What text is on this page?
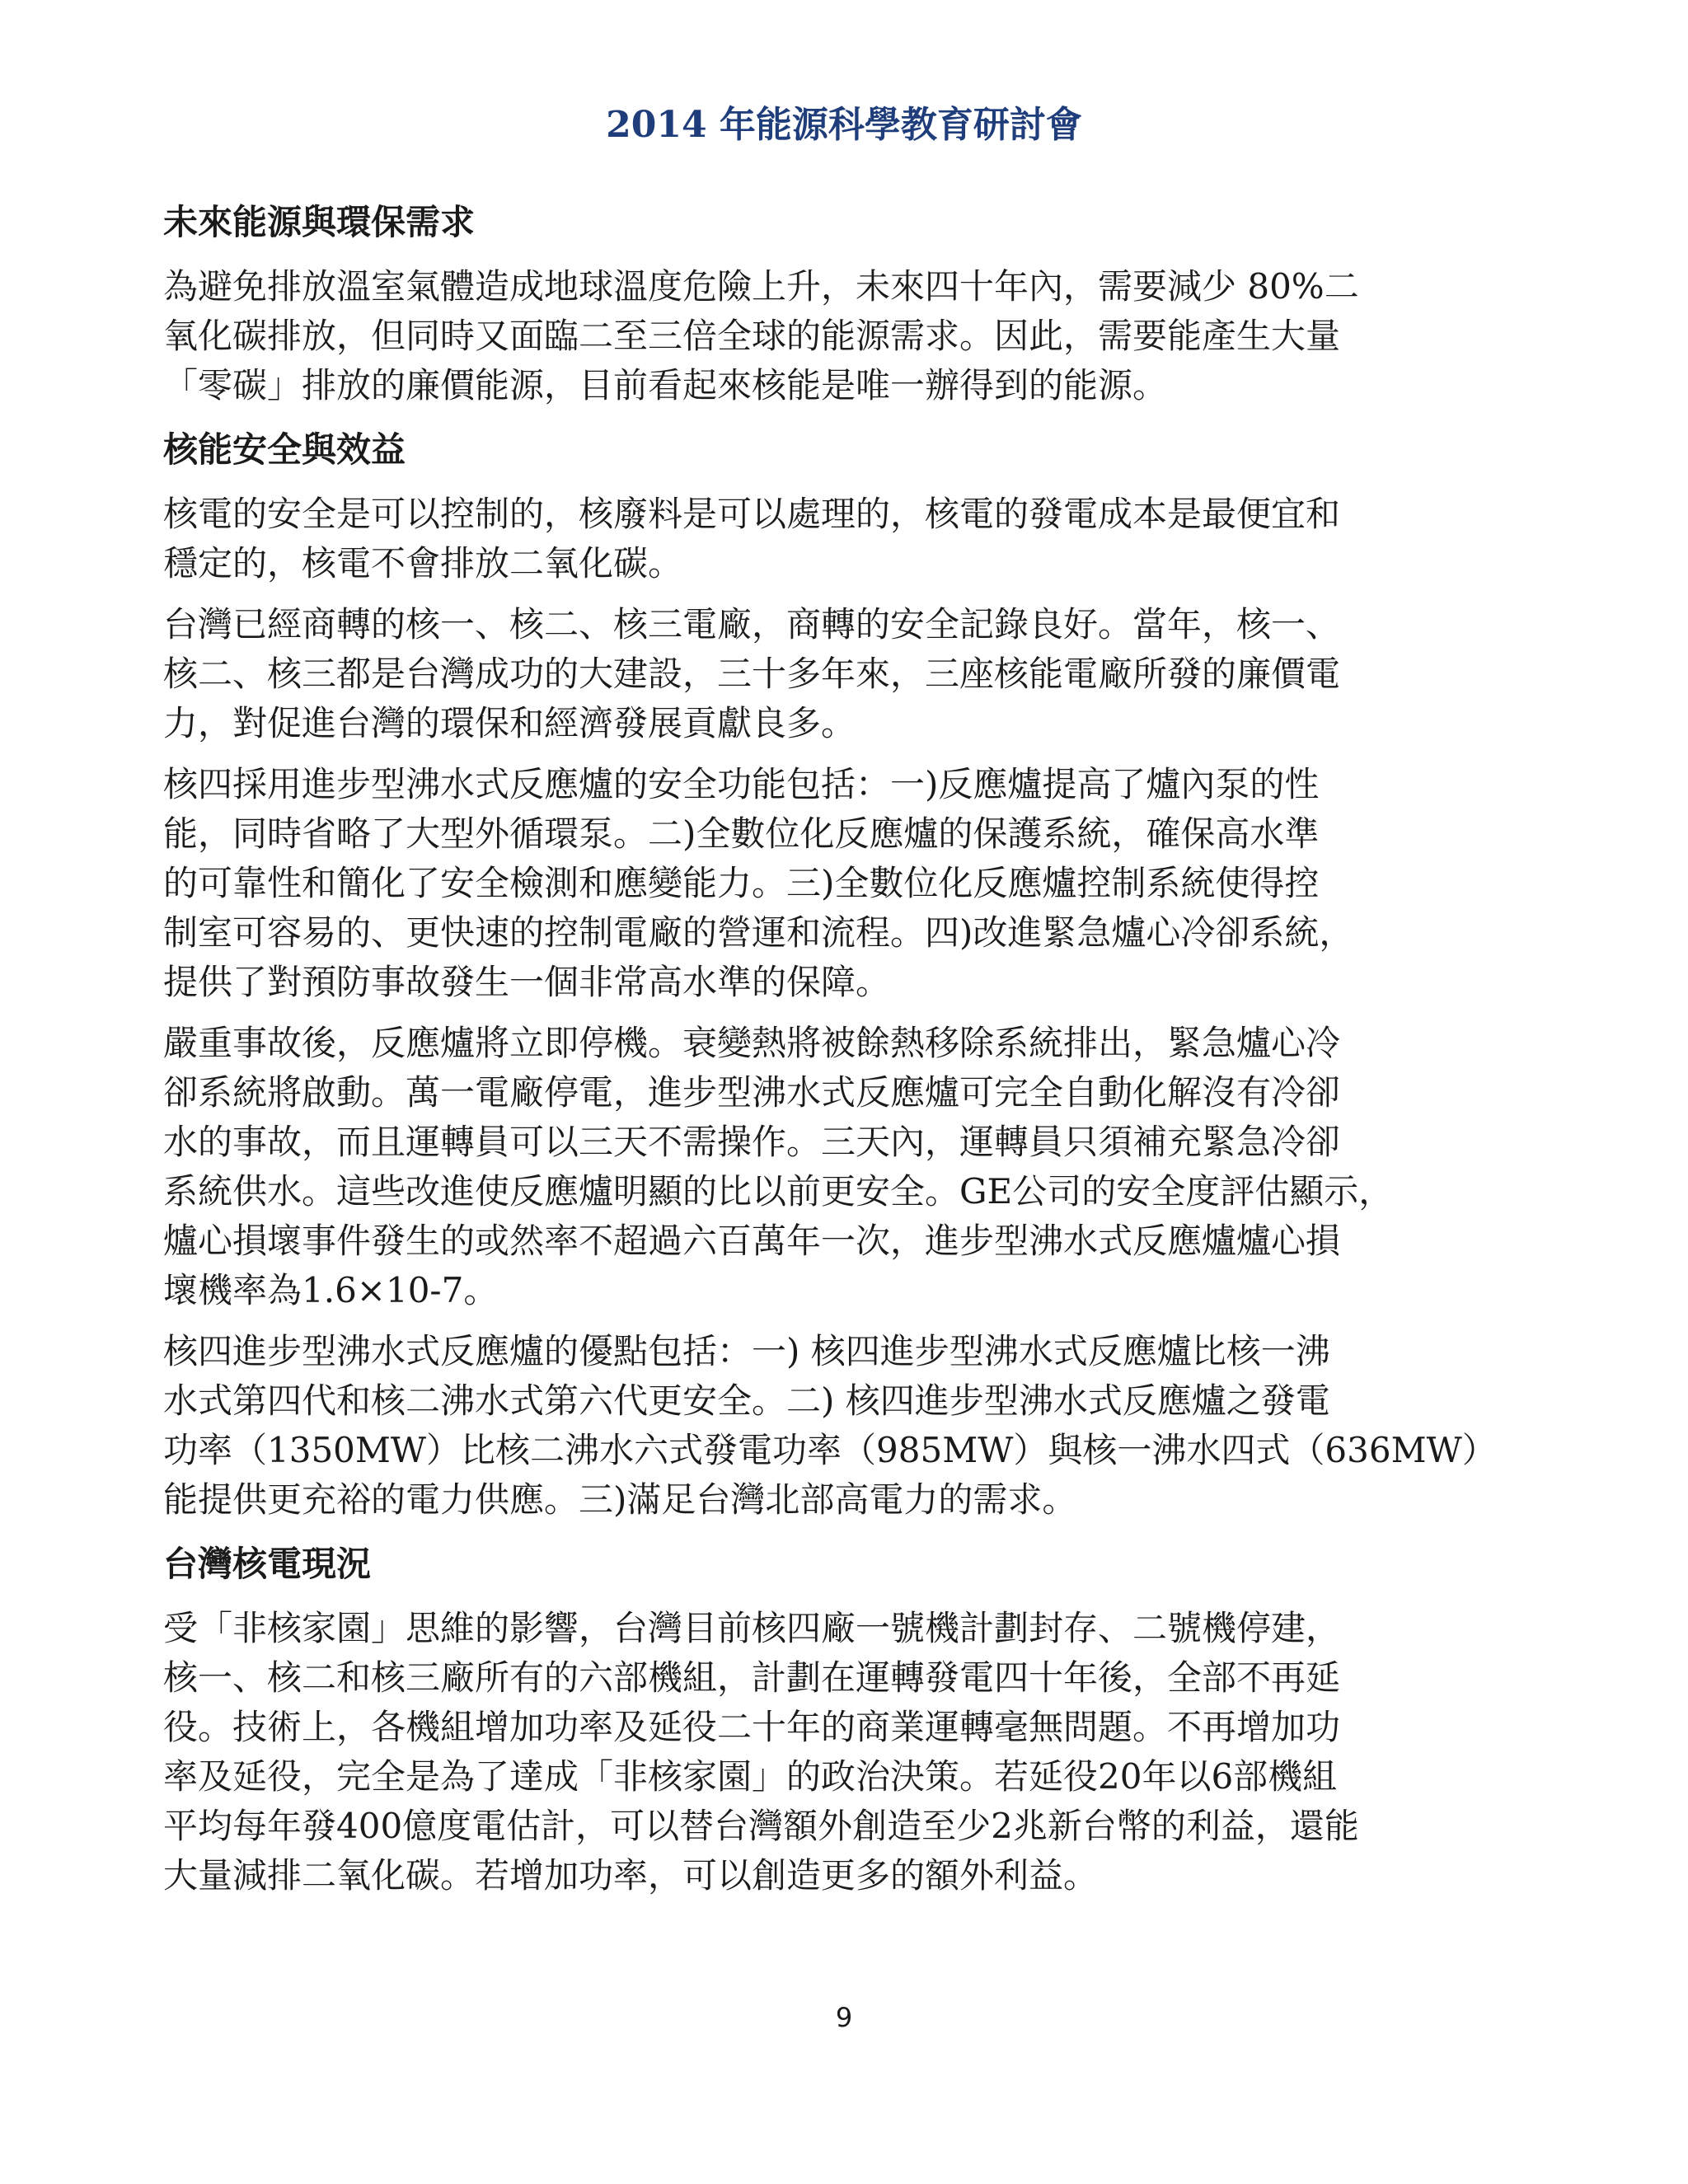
2014 年能源科學教育研討會
未來能源與環保需求
為避免排放溫室氣體造成地球溫度危險上升，未來四十年內，需要減少 80%二
氧化碳排放，但同時又面臨二至三倍全球的能源需求。因此，需要能產生大量
「零碳」排放的廉價能源，目前看起來核能是唯一辦得到的能源。
核能安全與效益
核電的安全是可以控制的，核廢料是可以處理的，核電的發電成本是最便宜和
穩定的，核電不會排放二氧化碳。
台灣已經商轉的核一、核二、核三電廠，商轉的安全記錄良好。當年，核一、
核二、核三都是台灣成功的大建設，三十多年來，三座核能電廠所發的廉價電
力，對促進台灣的環保和經濟發展貢獻良多。
核四採用進步型沸水式反應爐的安全功能包括：一)反應爐提高了爐內泵的性
能，同時省略了大型外循環泵。二)全數位化反應爐的保護系統，確保高水準
的可靠性和簡化了安全檢測和應變能力。三)全數位化反應爐控制系統使得控
制室可容易的、更快速的控制電廠的營運和流程。四)改進緊急爐心冷卻系統，
提供了對預防事故發生一個非常高水準的保障。
嚴重事故後，反應爐將立即停機。衰變熱將被餘熱移除系統排出，緊急爐心冷
卻系統將啟動。萬一電廠停電，進步型沸水式反應爐可完全自動化解沒有冷卻
水的事故，而且運轉員可以三天不需操作。三天內，運轉員只須補充緊急冷卻
系統供水。這些改進使反應爐明顯的比以前更安全。GE公司的安全度評估顯示，
爐心損壞事件發生的或然率不超過六百萬年一次，進步型沸水式反應爐爐心損
壞機率為1.6×10-7。
核四進步型沸水式反應爐的優點包括：一) 核四進步型沸水式反應爐比核一沸
水式第四代和核二沸水式第六代更安全。二) 核四進步型沸水式反應爐之發電
功率（1350MW）比核二沸水六式發電功率（985MW）與核一沸水四式（636MW）
能提供更充裕的電力供應。三)滿足台灣北部高電力的需求。
台灣核電現況
受「非核家園」思維的影響，台灣目前核四廠一號機計劃封存、二號機停建，
核一、核二和核三廠所有的六部機組，計劃在運轉發電四十年後，全部不再延
役。技術上，各機組增加功率及延役二十年的商業運轉毫無問題。不再增加功
率及延役，完全是為了達成「非核家園」的政治決策。若延役20年以6部機組
平均每年發400億度電估計，可以替台灣額外創造至少2兆新台幣的利益，還能
大量減排二氧化碳。若增加功率，可以創造更多的額外利益。
9
